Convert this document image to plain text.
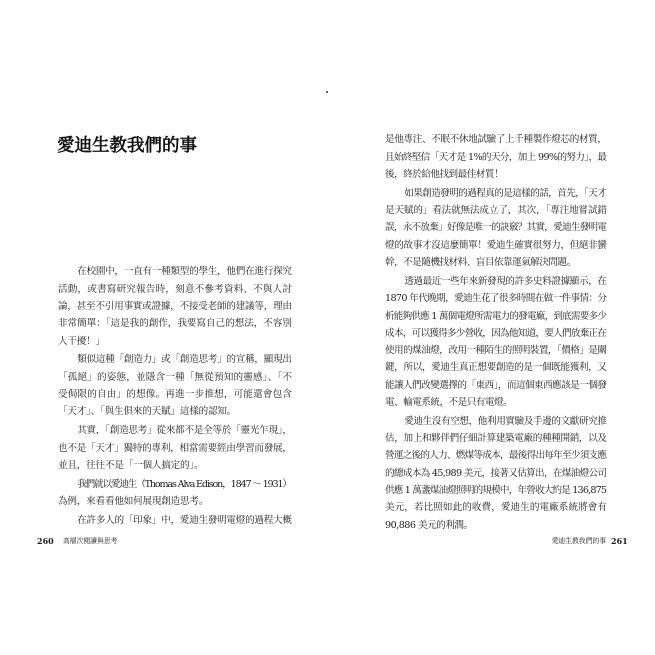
愛迪生教我們的事
在校園中，一直有一種類型的學生，他們在進行探究
活動，或書寫研究報告時，刻意不參考資料、不與人討
論，甚至不引用事實或證據，不接受老師的建議等，理由
非常簡單：「這是我的創作，我要寫自己的想法，不容別
人干擾！」
類似這種「創造力」或「創造思考」的宣稱，顯現出
「孤絕」的姿態，並隱含一種「無從預知的靈感」、「不
受侷限的自由」的想像。再進一步推想，可能還會包含
「天才」、「與生俱來的天賦」這樣的認知。
其實，「創造思考」從來都不是全等於「靈光乍現」，
也不是「天才」獨特的專利，相當需要經由學習而發展，
並且，往往不是「一個人搞定的」。
我們就以愛迪生（Thomas Alva Edison，1847 ～ 1931）
為例，來看看他如何展現創造思考。
在許多人的「印象」中，愛迪生發明電燈的過程大概
260 高層次閱讀與思考
是他專注、不眠不休地試驗了上千種製作燈芯的材質，
且始終堅信「天才是 1%的天分，加上 99%的努力」，最
後，終於給他找到最佳材質！
如果創造發明的過程真的是這樣的話，首先，「天才
是天賦的」看法就無法成立了，其次，「專注地嘗試錯
誤，永不放棄」好像是唯一的訣竅？其實，愛迪生發明電
燈的故事才沒這麼簡單！愛迪生確實很努力，但絕非蠻
幹，不是隨機找材料、盲目依靠運氣解決問題。
透過最近一些年來新發現的許多史料證據顯示，在
1870 年代晚期，愛迪生花了很多時間在做一件事情：分
析能夠供應 1 萬個電燈所需電力的發電廠，到底需要多少
成本，可以獲得多少營收，因為他知道，要人們放棄正在
使用的煤油燈，改用一種陌生的照明裝置，「價格」是關
鍵，所以，愛迪生真正想要創造的是一個既能獲利，又
能讓人們改變選擇的「東西」，而這個東西應該是一個發
電、輸電系統，不是只有電燈。
愛迪生沒有空想，他利用實驗及手邊的文獻研究推
估，加上和夥伴們仔細計算建築電廠的種種開銷，以及
營運之後的人力、燃煤等成本，最後得出每年至少須支應
的總成本為 45,989 美元，接著又估算出，在煤油燈公司
供應 1 萬盞煤油燈照明的規模中，年營收大約是 136,875
美元，若比照如此的收費，愛迪生的電廠系統將會有
90,886 美元的利潤。
愛迪生教我們的事 261
